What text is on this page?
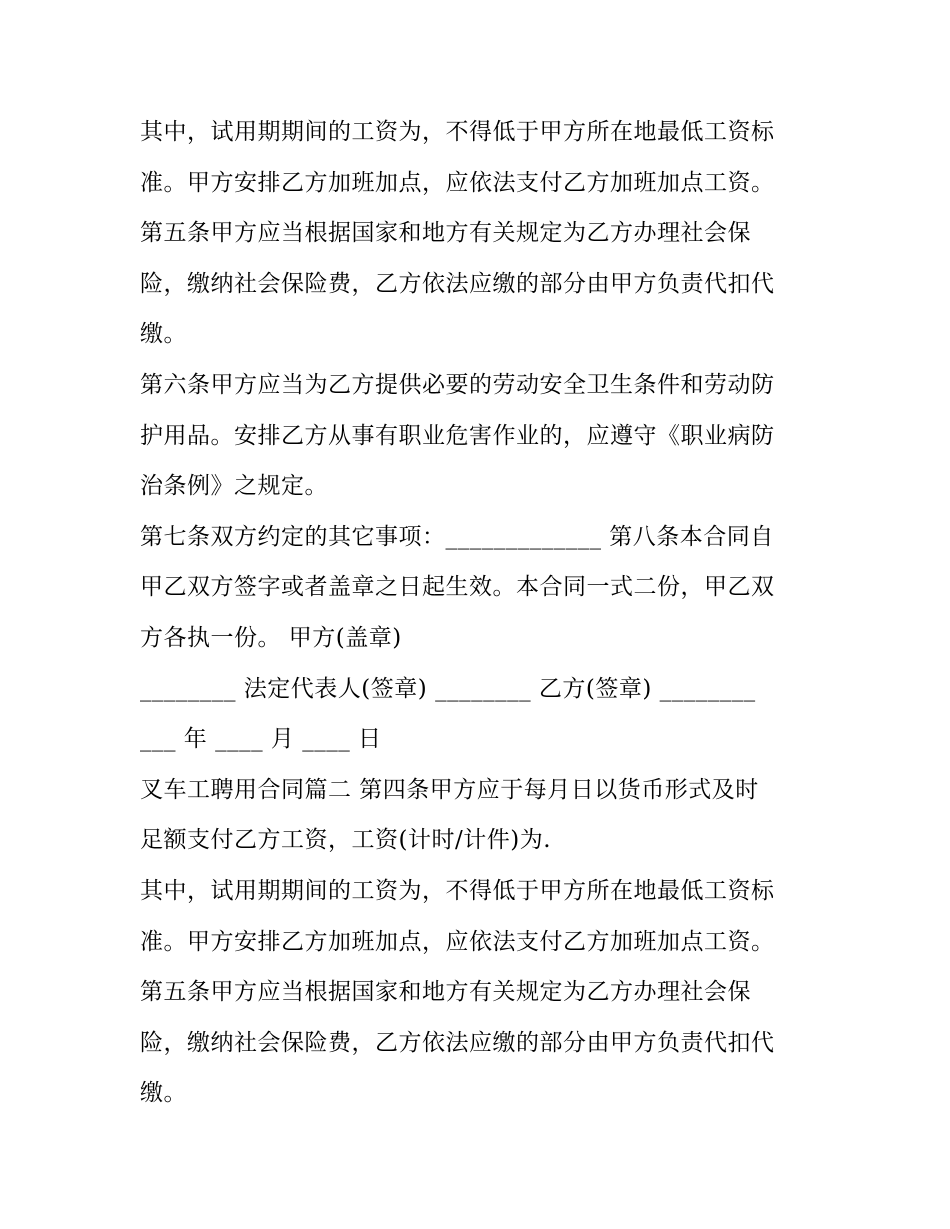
其中，试用期期间的工资为，不得低于甲方所在地最低工资标
准。甲方安排乙方加班加点，应依法支付乙方加班加点工资。
第五条甲方应当根据国家和地方有关规定为乙方办理社会保
险，缴纳社会保险费，乙方依法应缴的部分由甲方负责代扣代
缴。
第六条甲方应当为乙方提供必要的劳动安全卫生条件和劳动防
护用品。安排乙方从事有职业危害作业的，应遵守《职业病防
治条例》之规定。
第七条双方约定的其它事项：_____________ 第八条本合同自
甲乙双方签字或者盖章之日起生效。本合同一式二份，甲乙双
方各执一份。 甲方(盖章)
________ 法定代表人(签章) ________ 乙方(签章) ________
___ 年 ____ 月 ____ 日
叉车工聘用合同篇二 第四条甲方应于每月日以货币形式及时
足额支付乙方工资，工资(计时/计件)为.
其中，试用期期间的工资为，不得低于甲方所在地最低工资标
准。甲方安排乙方加班加点，应依法支付乙方加班加点工资。
第五条甲方应当根据国家和地方有关规定为乙方办理社会保
险，缴纳社会保险费，乙方依法应缴的部分由甲方负责代扣代
缴。
